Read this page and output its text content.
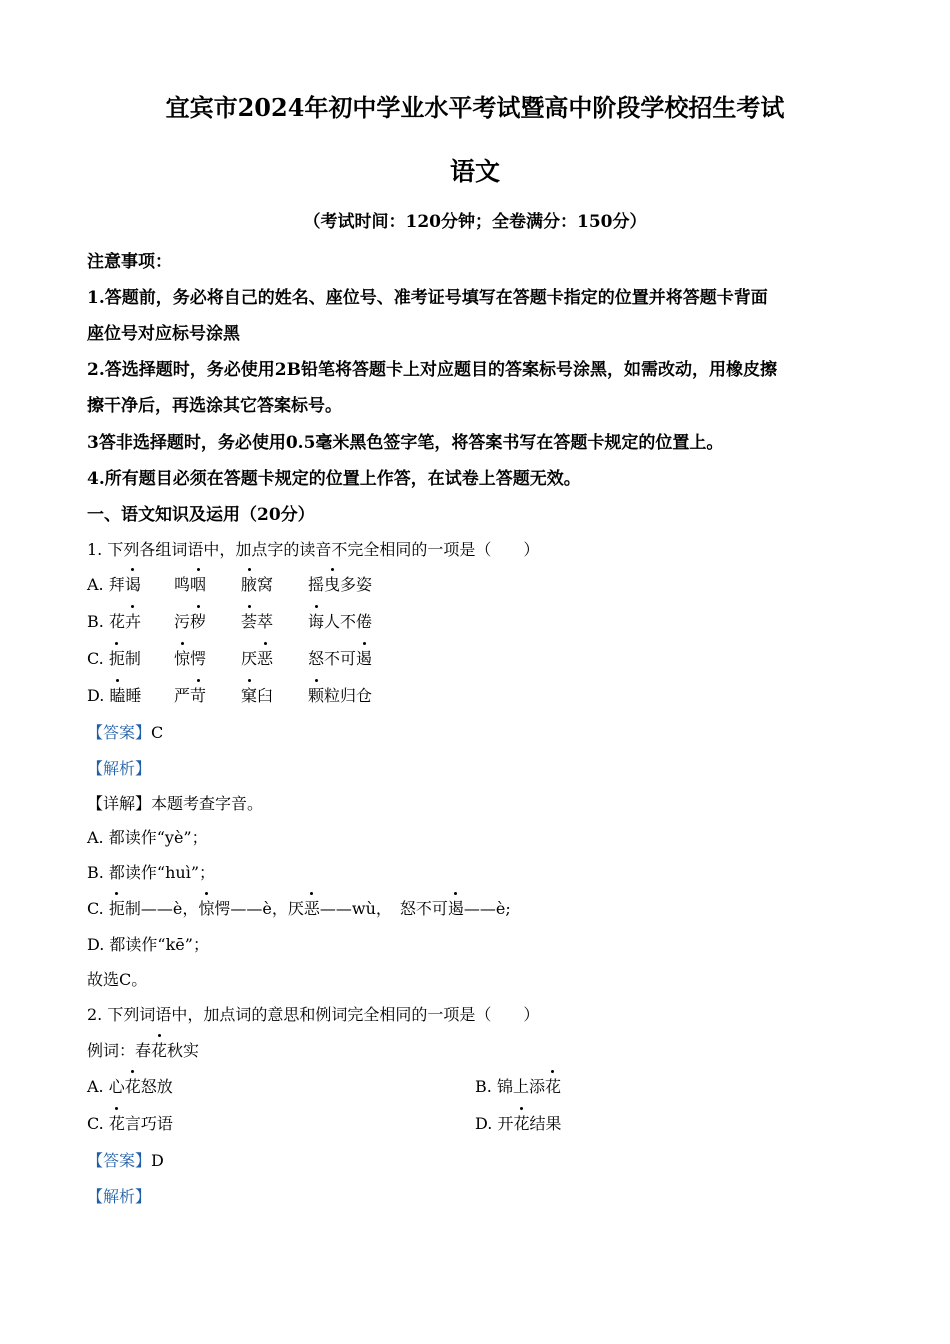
宜宾市2024年初中学业水平考试暨高中阶段学校招生考试
语文
（考试时间：120分钟；全卷满分：150分）
注意事项：
1.答题前，务必将自己的姓名、座位号、准考证号填写在答题卡指定的位置并将答题卡背面
座位号对应标号涂黑
2.答选择题时，务必使用2B铅笔将答题卡上对应题目的答案标号涂黑，如需改动，用橡皮擦
擦干净后，再选涂其它答案标号。
3答非选择题时，务必使用0.5毫米黑色签字笔，将答案书写在答题卡规定的位置上。
4.所有题目必须在答题卡规定的位置上作答，在试卷上答题无效。
一、语文知识及运用（20分）
1. 下列各组词语中，加点字的读音不完全相同的一项是（　　）
A. 拜谒 鸣咽 腋窝 摇曳多姿
B. 花卉 污秽 荟萃 诲人不倦
C. 扼制 惊愕 厌恶 怒不可遏
D. 瞌睡 严苛 窠臼 颗粒归仓
【答案】C
【解析】
【详解】本题考查字音。
A. 都读作“yè”；
B. 都读作“huì”；
C. 扼制——è，惊愕——è，厌恶——wù，　怒不可遏——è;
D. 都读作“kē”；
故选C。
2. 下列词语中，加点词的意思和例词完全相同的一项是（　　）
例词：春花秋实
A. 心花怒放	B. 锦上添花
C. 花言巧语	D. 开花结果
【答案】D
【解析】
